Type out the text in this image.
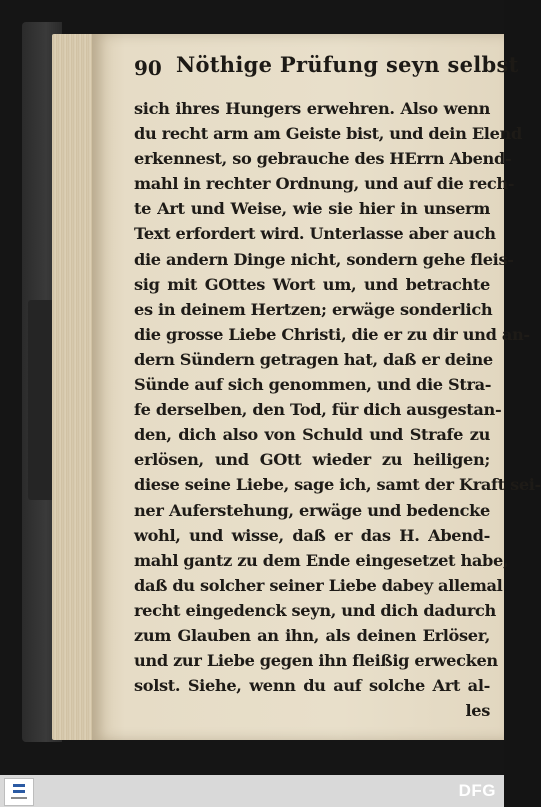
90 Nöthige Prüfung seyn selbst
sich ihres Hungers erwehren. Also wenn
du recht arm am Geiste bist, und dein Elend
erkennest, so gebrauche des HErrn Abend-
mahl in rechter Ordnung, und auf die rech-
te Art und Weise, wie sie hier in unserm
Text erfordert wird. Unterlasse aber auch
die andern Dinge nicht, sondern gehe fleis-
sig mit GOttes Wort um, und betrachte
es in deinem Hertzen; erwäge sonderlich
die grosse Liebe Christi, die er zu dir und an-
dern Sündern getragen hat, daß er deine
Sünde auf sich genommen, und die Stra-
fe derselben, den Tod, für dich ausgestan-
den, dich also von Schuld und Strafe zu
erlösen, und GOtt wieder zu heiligen;
diese seine Liebe, sage ich, samt der Kraft sei-
ner Auferstehung, erwäge und bedencke
wohl, und wisse, daß er das H. Abend-
mahl gantz zu dem Ende eingesetzet habe,
daß du solcher seiner Liebe dabey allemal
recht eingedenck seyn, und dich dadurch
zum Glauben an ihn, als deinen Erlöser,
und zur Liebe gegen ihn fleißig erwecken
solst. Siehe, wenn du auf solche Art al-
les
DFG
